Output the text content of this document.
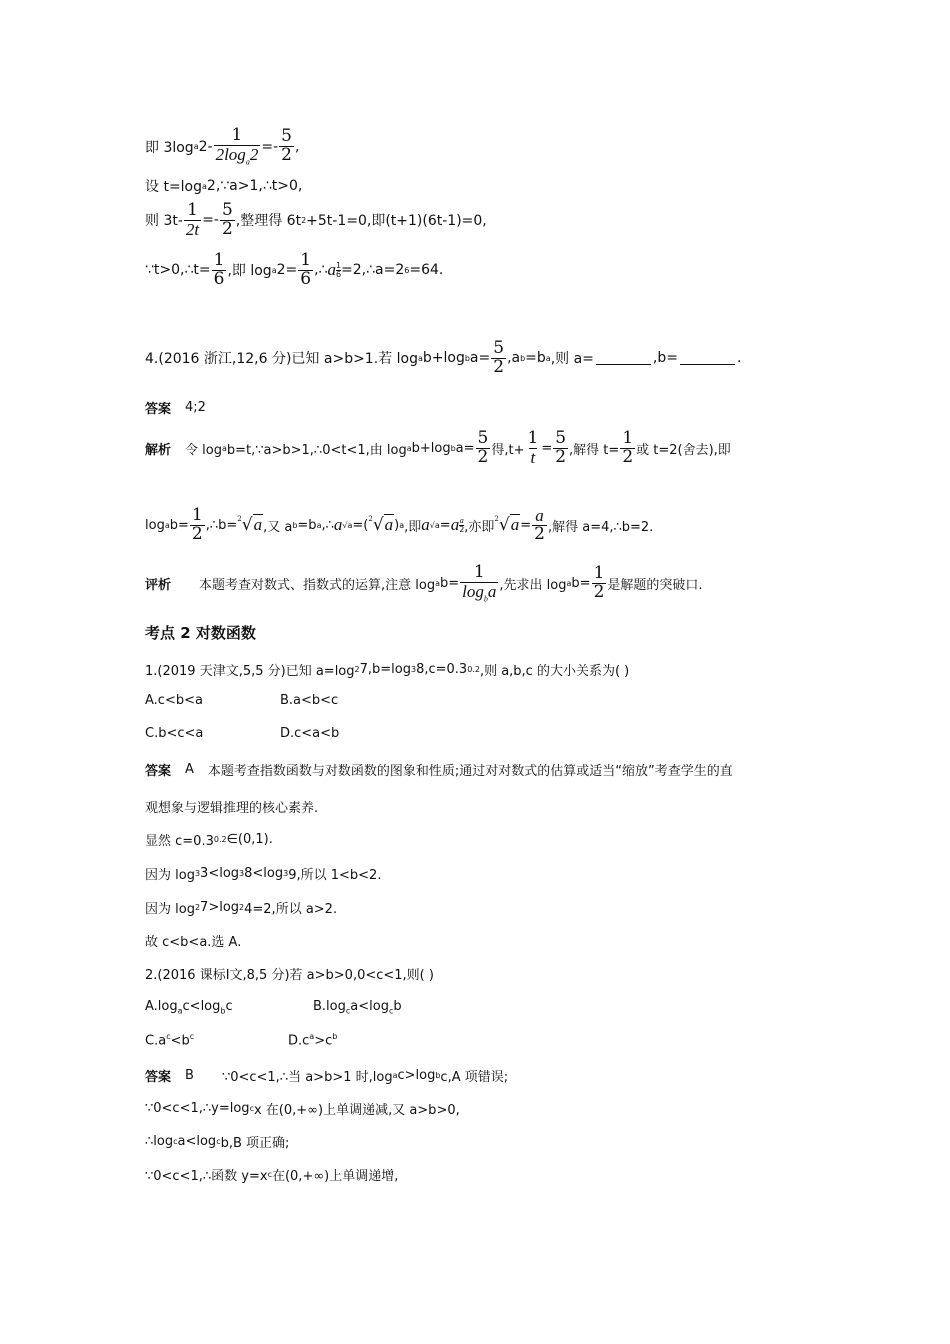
即 3log a $2- \frac{1}{2\log_a2} =- \frac{5}{2}$ ,
设 t=log a 2,∵a>1,∴t>0,
则 $3t- \frac{1}{2t} =- \frac{5}{2}$ ,整理得 6t 2 +5t-1=0,即(t+1)(6t-1)=0,
∵t>0,∴t= $\frac{1}{6}$ ,即 log a $2= \frac{1}{6}$ ,∴ a $\frac{1}{6}$ =2,∴a=2 6 =64.
4.(2016 浙江,12,6 分)已知 a>b>1.若 log a b+log b $a= \frac{5}{2} ,a$ b =b a ,则 a=	,b=	.
答案 4;2
解析 令 log a b=t,∵a>b>1,∴0<t<1,由 log a b+log b $a= \frac{5}{2}$ 得$,t+ \frac{1}{t} = \frac{5}{2}$ ,解得 $t= \frac{1}{2}$ 或 t=2(舍去),即
log a $b= \frac{1}{2}$ ,∴b= $^2$√a ,又 a b =b a ,∴ a √a =( $^2$√a ) a ,即 a √a = a $\frac{a}{2}$ ,亦即
$^2√a = \frac{a}{2}$ ,解得 a=4,∴b=2.
评析 本题考查对数式、指数式的运算,注意 log a $b= \frac{1}{\log_ba}$ ,先求出 log a $b= \frac{1}{2}$ 是解题的突破口.
考点 2 对数函数
1.(2019 天津文,5,5 分)已知 a=log 2 7,b=log 3 8,c=0.3 0.2 ,则 a,b,c 的大小关系为( )
A.c<b<a	B.a<b<c
C.b<c<a	D.c<a<b
答案 A 本题考查指数函数与对数函数的图象和性质;通过对对数式的估算或适当“缩放”考查学生的直
观想象与逻辑推理的核心素养.
显然 c=0.3 0.2 ∈(0,1).
因为 log 3 3<log 3 8<log 3 9,所以 1<b<2.
因为 log 2 7>log 2 4=2,所以 a>2.
故 c<b<a.选 A.
2.(2016 课标Ⅰ文,8,5 分)若 a>b>0,0<c<1,则( )
$A.\log_ac<\log_bc$	$B.\log_ca<\log_cb$
$C.a^c<b^c$	$D.c^a>c^b$
答案 B ∵0<c<1,∴当 a>b>1 时,log a c>log b c,A 项错误;
∵0<c<1,∴y=log c x 在(0,+∞)上单调递减,又 a>b>0,
∴log c a<log c b,B 项正确;
∵0<c<1,∴函数 y=x c 在(0,+∞)上单调递增,
